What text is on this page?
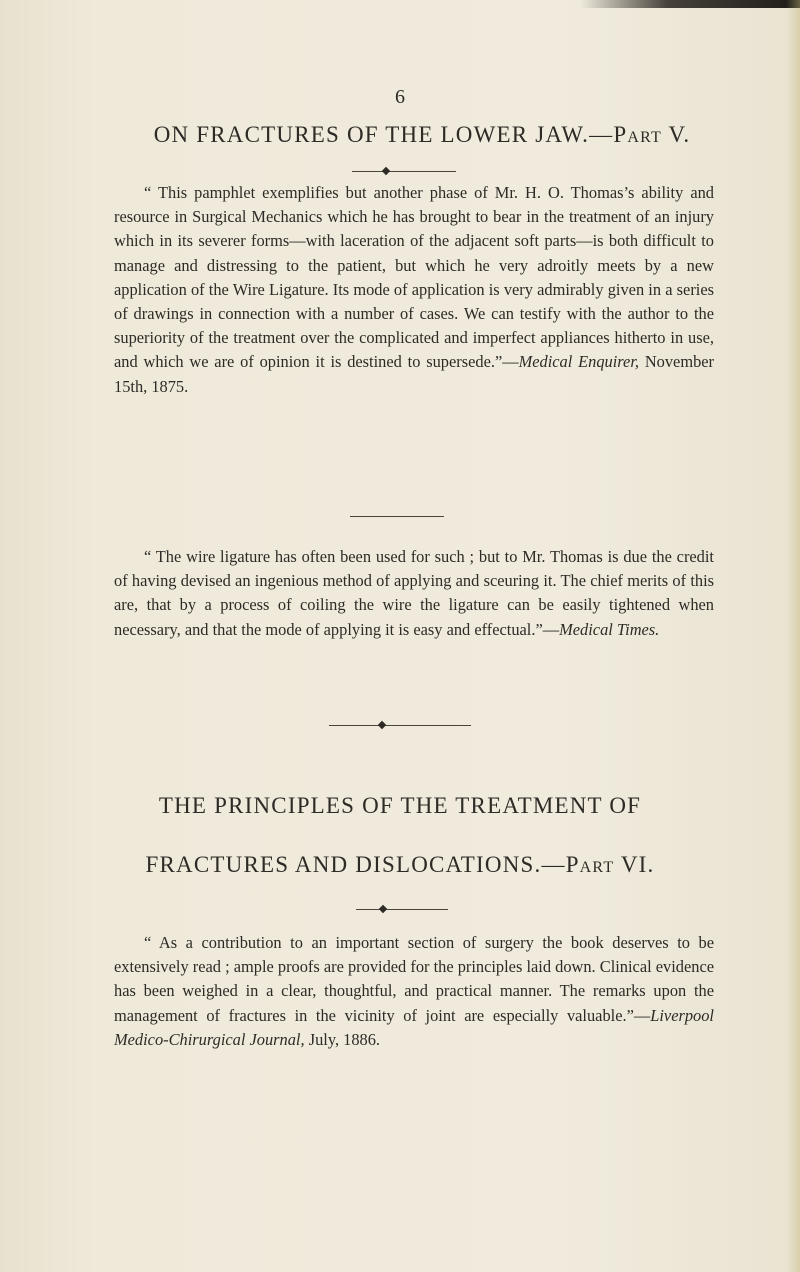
6
ON FRACTURES OF THE LOWER JAW.—Part V.
“ This pamphlet exemplifies but another phase of Mr. H. O. Thomas’s ability and resource in Surgical Mechanics which he has brought to bear in the treatment of an injury which in its severer forms—with laceration of the adjacent soft parts—is both difficult to manage and distressing to the patient, but which he very adroitly meets by a new application of the Wire Ligature. Its mode of application is very admirably given in a series of drawings in connection with a number of cases. We can testify with the author to the superiority of the treatment over the complicated and imperfect appliances hitherto in use, and which we are of opinion it is destined to supersede.”—Medical Enquirer, November 15th, 1875.
“ The wire ligature has often been used for such ; but to Mr. Thomas is due the credit of having devised an ingenious method of applying and sceuring it. The chief merits of this are, that by a process of coiling the wire the ligature can be easily tightened when necessary, and that the mode of applying it is easy and effectual.”—Medical Times.
THE PRINCIPLES OF THE TREATMENT OF
FRACTURES AND DISLOCATIONS.—Part VI.
“ As a contribution to an important section of surgery the book deserves to be extensively read ; ample proofs are provided for the principles laid down. Clinical evidence has been weighed in a clear, thoughtful, and practical manner. The remarks upon the management of fractures in the vicinity of joint are especially valuable.”—Liverpool Medico-Chirurgical Journal, July, 1886.
